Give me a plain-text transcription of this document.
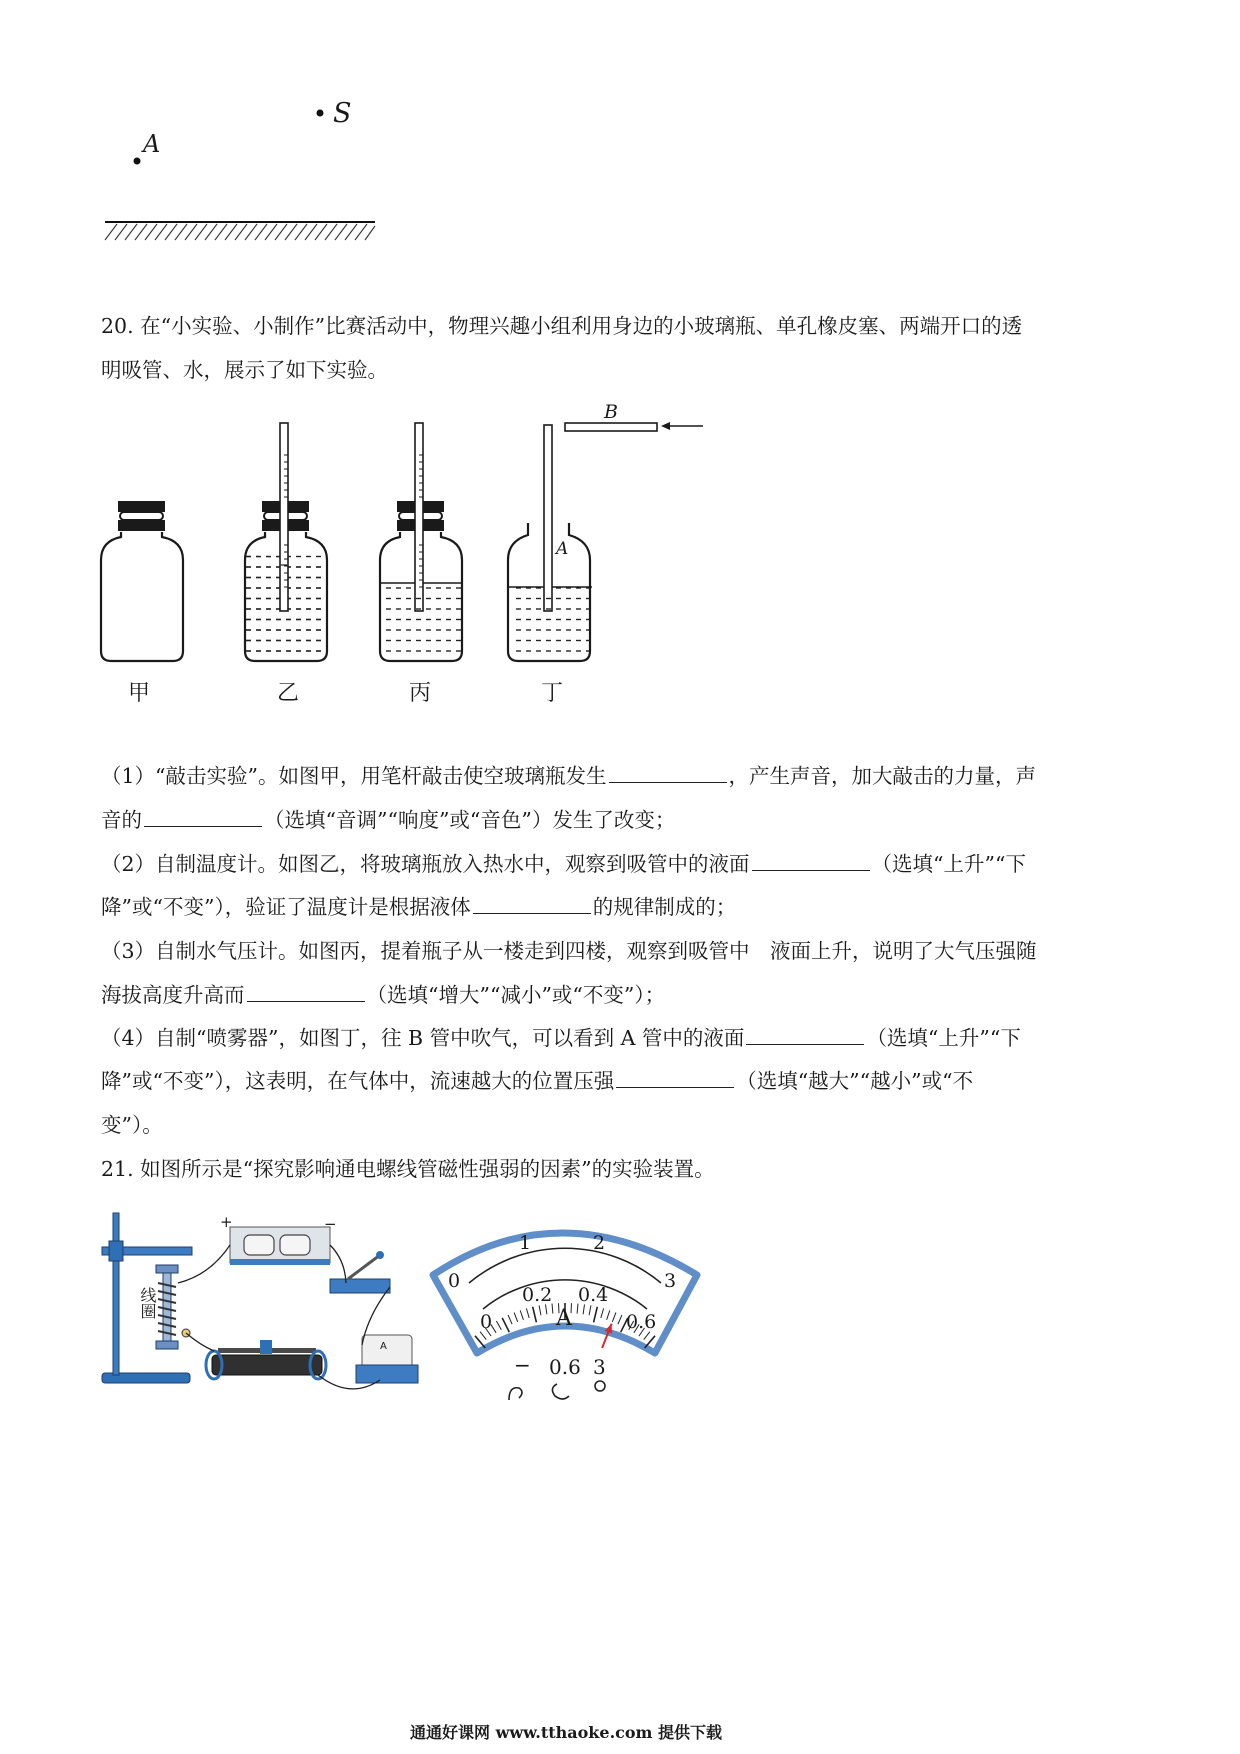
S
A
20. 在“小实验、小制作”比赛活动中，物理兴趣小组利用身边的小玻璃瓶、单孔橡皮塞、两端开口的透
明吸管、水，展示了如下实验。
B
A
甲	乙	丙	丁
（1）“敲击实验”。如图甲，用笔杆敲击使空玻璃瓶发生	，产生声音，加大敲击的力量，声
音的	（选填“音调”“响度”或“音色”）发生了改变；
（2）自制温度计。如图乙，将玻璃瓶放入热水中，观察到吸管中的液面	（选填“上升”“下
降”或“不变”），验证了温度计是根据液体	的规律制成的；
（3）自制水气压计。如图丙，提着瓶子从一楼走到四楼，观察到吸管中　液面上升，说明了大气压强随
海拔高度升高而	（选填“增大”“减小”或“不变”）；
（4）自制“喷雾器”，如图丁，往 B 管中吹气，可以看到 A 管中的液面	（选填“上升”“下
降”或“不变”），这表明，在气体中，流速越大的位置压强	（选填“越大”“越小”或“不
变”）。
21. 如图所示是“探究影响通电螺线管磁性强弱的因素”的实验装置。
线圈
+	−
A
0
1	2
3
0
0.2 0.4
0.6
A
− 0.6 3
通通好课网 www.tthaoke.com 提供下载
